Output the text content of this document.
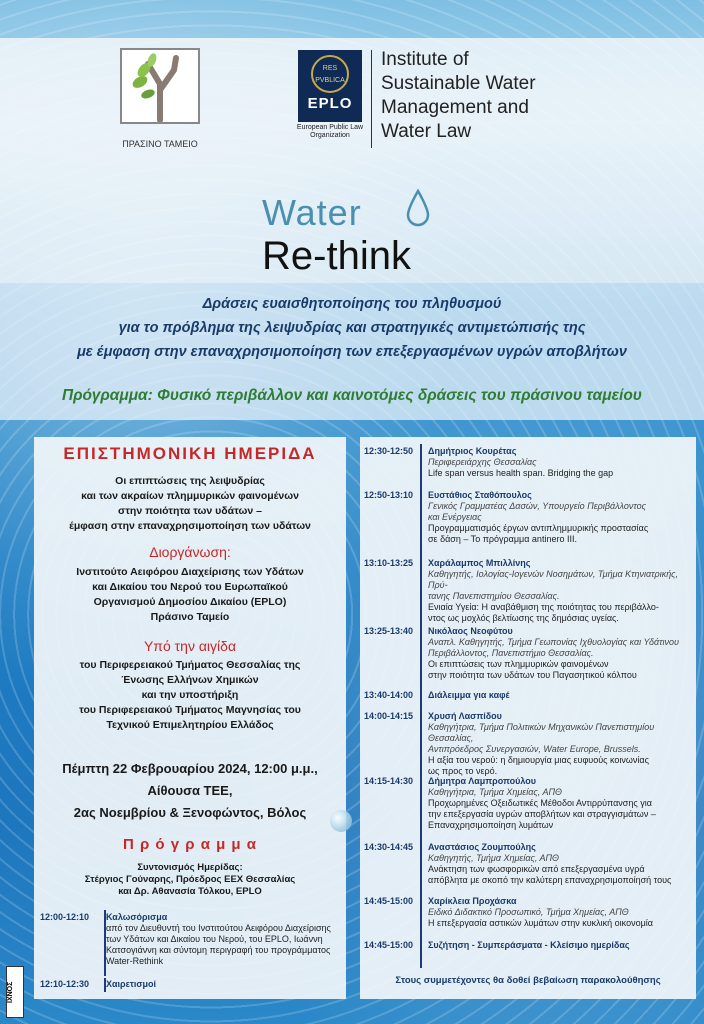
ΠΡΑΣΙΝΟ ΤΑΜΕΙΟ
RES
PVBLICA
EPLO
European Public Law Organization
Institute of
Sustainable Water
Management and
Water Law
Water
Re-think
Δράσεις ευαισθητοποίησης του πληθυσμού
για το πρόβλημα της λειψυδρίας και στρατηγικές αντιμετώπισής της
με έμφαση στην επαναχρησιμοποίηση των επεξεργασμένων υγρών αποβλήτων
Πρόγραμμα: Φυσικό περιβάλλον και καινοτόμες δράσεις του πράσινου ταμείου
ΕΠΙΣΤΗΜΟΝΙΚΗ ΗΜΕΡΙΔΑ
Οι επιπτώσεις της λειψυδρίας
και των ακραίων πλημμυρικών φαινομένων
στην ποιότητα των υδάτων –
έμφαση στην επαναχρησιμοποίηση των υδάτων
Διοργάνωση:
Ινστιτούτο Αειφόρου Διαχείρισης των Υδάτων
και Δικαίου του Νερού του Ευρωπαϊκού
Οργανισμού Δημοσίου Δικαίου (EPLO)
Πράσινο Ταμείο
Υπό την αιγίδα
του Περιφερειακού Τμήματος Θεσσαλίας της
Ένωσης Ελλήνων Χημικών
και την υποστήριξη
του Περιφερειακού Τμήματος Μαγνησίας του
Τεχνικού Επιμελητηρίου Ελλάδος
Πέμπτη 22 Φεβρουαρίου 2024, 12:00 μ.μ.,
Αίθουσα ΤΕΕ,
2ας Νοεμβρίου & Ξενοφώντος, Βόλος
Π ρ ό γ ρ α μ μ α
Συντονισμός Ημερίδας:
Στέργιος Γούναρης, Πρόεδρος ΕΕΧ Θεσσαλίας
και Δρ. Αθανασία Τόλκου, EPLO
12:00-12:10	Καλωσόρισμα
από τον Διευθυντή του Ινστιτούτου Αειφόρου Διαχείρισης
των Υδάτων και Δικαίου του Νερού, του EPLO, Ιωάννη
Κατσογιάννη και σύντομη περιγραφή του προγράμματος
Water-Rethink
12:10-12:30	Χαιρετισμοί
12:30-12:50	Δημήτριος Κουρέτας
Περιφερειάρχης Θεσσαλίας
Life span versus health span. Bridging the gap
12:50-13:10	Ευστάθιος Σταθόπουλος
Γενικός Γραμματέας Δασών, Υπουργείο Περιβάλλοντος
και Ενέργειας
Προγραμματισμός έργων αντιπλημμυρικής προστασίας
σε δάση – Το πρόγραμμα antinero III.
13:10-13:25	Χαράλαμπος Μπιλλίνης
Καθηγητής, Ιολογίας-Ιογενών Νοσημάτων, Τμήμα Κτηνιατρικής, Πρύ-
τανης Πανεπιστημίου Θεσσαλίας.
Ενιαία Υγεία: Η αναβάθμιση της ποιότητας του περιβάλλο-
ντος ως μοχλός βελτίωσης της δημόσιας υγείας.
13:25-13:40	Νικόλαος Νεοφύτου
Αναπλ. Καθηγητής, Τμήμα Γεωπονίας Ιχθυολογίας και Υδάτινου
Περιβάλλοντος, Πανεπιστήμιο Θεσσαλίας.
Οι επιπτώσεις των πλημμυρικών φαινομένων
στην ποιότητα των υδάτων του Παγασητικού κόλπου
13:40-14:00	Διάλειμμα για καφέ
14:00-14:15	Χρυσή Λασπίδου
Καθηγήτρια, Τμήμα Πολιτικών Μηχανικών Πανεπιστημίου Θεσσαλίας,
Αντιπρόεδρος Συνεργασιών, Water Europe, Brussels.
Η αξία του νερού: η δημιουργία μιας ευφυούς κοινωνίας
ως προς το νερό.
14:15-14:30	Δήμητρα Λαμπροπούλου
Καθηγήτρια, Τμήμα Χημείας, ΑΠΘ
Προχωρημένες Οξειδωτικές Μέθοδοι Αντιρρύπανσης για
την επεξεργασία υγρών αποβλήτων και στραγγισμάτων –
Επαναχρησιμοποίηση λυμάτων
14:30-14:45	Αναστάσιος Ζουμπούλης
Καθηγητής, Τμήμα Χημείας, ΑΠΘ
Ανάκτηση των φωσφορικών από επεξεργασμένα υγρά
απόβλητα με σκοπό την καλύτερη επαναχρησιμοποίησή τους
14:45-15:00	Χαρίκλεια Προχάσκα
Ειδικό Διδακτικό Προσωπικό, Τμήμα Χημείας, ΑΠΘ
Η επεξεργασία αστικών λυμάτων στην κυκλική οικονομία
14:45-15:00	Συζήτηση - Συμπεράσματα - Κλείσιμο ημερίδας
Στους συμμετέχοντες θα δοθεί βεβαίωση παρακολούθησης
ΙΧΝΟΣ
